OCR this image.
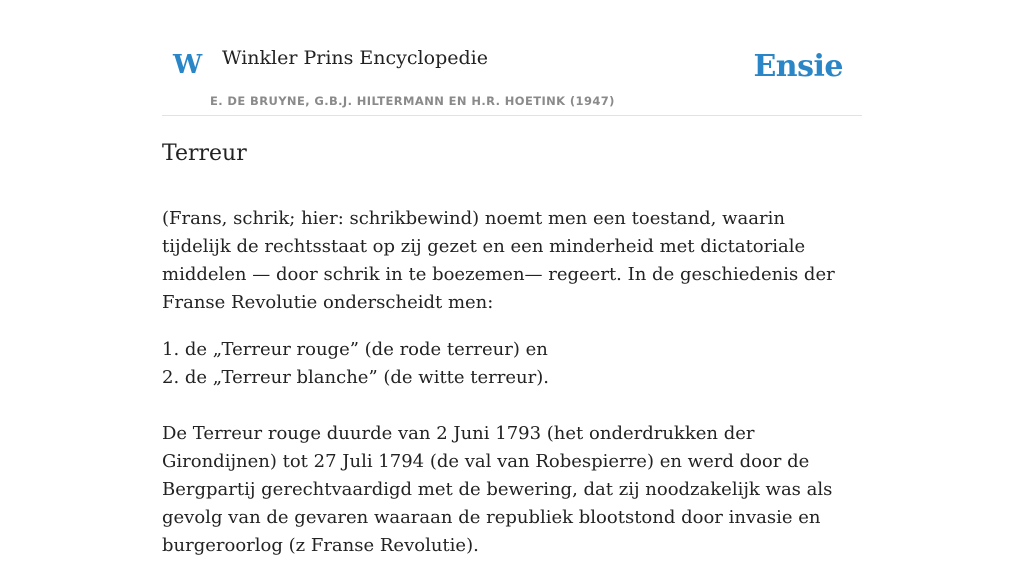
W Winkler Prins Encyclopedie
E. DE BRUYNE, G.B.J. HILTERMANN EN H.R. HOETINK (1947)
Ensie
Terreur

(Frans, schrik; hier: schrikbewind) noemt men een toestand, waarin tijdelijk de rechtsstaat op zij gezet en een minderheid met dictatoriale middelen — door schrik in te boezemen— regeert. In de geschiedenis der Franse Revolutie onderscheidt men:

1. de „Terreur rouge” (de rode terreur) en
2. de „Terreur blanche” (de witte terreur).

De Terreur rouge duurde van 2 Juni 1793 (het onderdrukken der Girondijnen) tot 27 Juli 1794 (de val van Robespierre) en werd door de Bergpartij gerechtvaardigd met de bewering, dat zij noodzakelijk was als gevolg van de gevaren waaraan de republiek blootstond door invasie en burgeroorlog (z Franse Revolutie).
